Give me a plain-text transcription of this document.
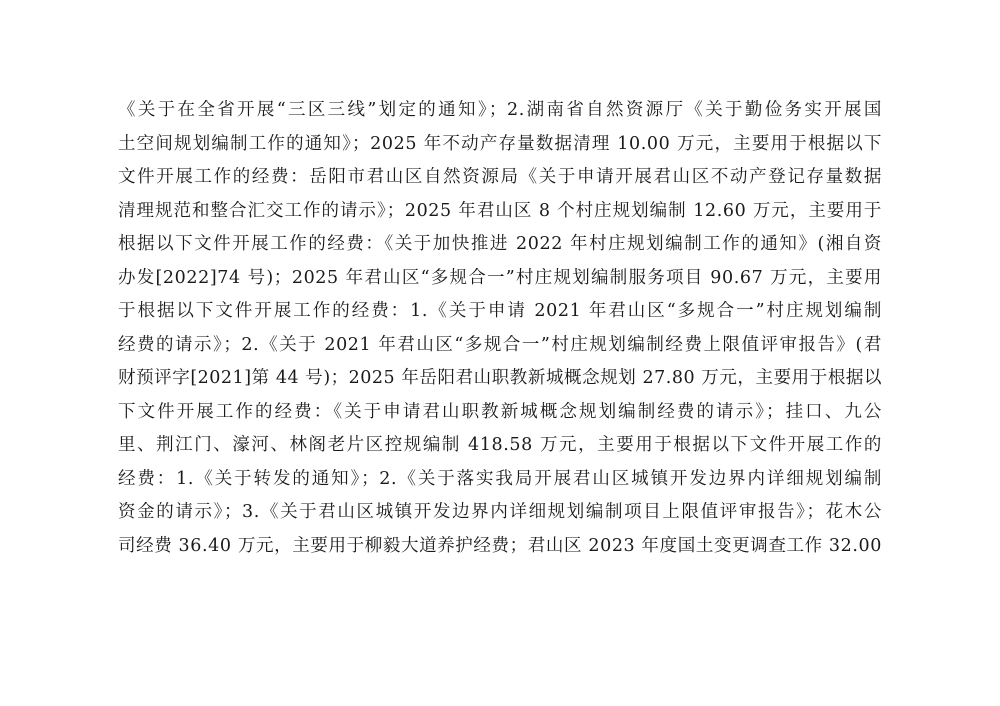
《关于在全省开展“三区三线”划定的通知》；2.湖南省自然资源厅《关于勤俭务实开展国
土空间规划编制工作的通知》；2025 年不动产存量数据清理 10.00 万元，主要用于根据以下
文件开展工作的经费：岳阳市君山区自然资源局《关于申请开展君山区不动产登记存量数据
清理规范和整合汇交工作的请示》；2025 年君山区 8 个村庄规划编制 12.60 万元，主要用于
根据以下文件开展工作的经费：《关于加快推进 2022 年村庄规划编制工作的通知》(湘自资
办发[2022]74 号)；2025 年君山区“多规合一”村庄规划编制服务项目 90.67 万元，主要用
于根据以下文件开展工作的经费：1.《关于申请 2021 年君山区“多规合一”村庄规划编制
经费的请示》；2.《关于 2021 年君山区“多规合一”村庄规划编制经费上限值评审报告》(君
财预评字[2021]第 44 号)；2025 年岳阳君山职教新城概念规划 27.80 万元，主要用于根据以
下文件开展工作的经费：《关于申请君山职教新城概念规划编制经费的请示》；挂口、九公
里、荆江门、濠河、林阁老片区控规编制 418.58 万元，主要用于根据以下文件开展工作的
经费：1.《关于转发的通知》；2.《关于落实我局开展君山区城镇开发边界内详细规划编制
资金的请示》；3.《关于君山区城镇开发边界内详细规划编制项目上限值评审报告》；花木公
司经费 36.40 万元，主要用于柳毅大道养护经费；君山区 2023 年度国土变更调查工作 32.00
